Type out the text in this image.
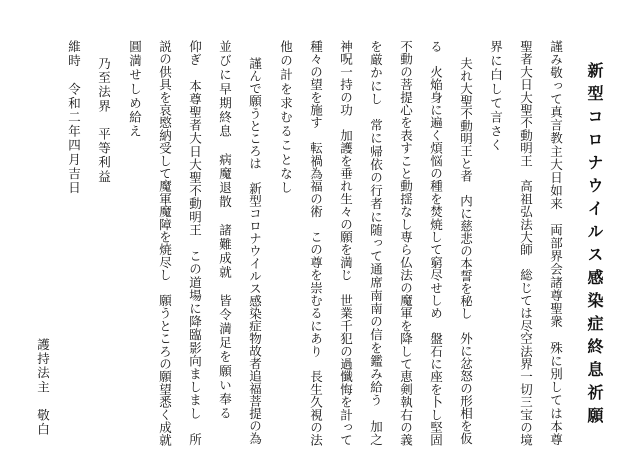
新型コロナウイルス感染症終息祈願
謹み敬って真言教主大日如来　両部界会諸尊聖衆　殊に別しては本尊
聖者大日大聖不動明王　高祖弘法大師　総じては尽空法界一切三宝の境
界に白して言さく
夫れ大聖不動明王と者　内に慈悲の本誓を秘し　外に忿怒の形相を仮
る　火焔身に遍く煩悩の種を焚焼して窮尽せしめ　盤石に座を卜し堅固
不動の菩提心を表すこと動揺なし専ら仏法の魔軍を降して恵剣執右の義
を厳かにし　常に帰依の行者に随って通席南南の信を鑑み給う　加之
神呪一持の功　加護を垂れ生々の願を満じ　世業千犯の過懺悔を計って
種々の望を施す　転禍為福の術　この尊を崇むるにあり　長生久視の法
他の計を求むることなし
謹んで願うところは　新型コロナウイルス感染症物故者追福菩提の為
並びに早期終息　病魔退散　諸難成就　皆令満足を願い奉る
仰ぎ　本尊聖者大日大聖不動明王　この道場に降臨影向ましまし　所
説の供具を哀愍納受して魔軍魔障を焼尽し　願うところの願望悉く成就
圓満せしめ給え
乃至法界　平等利益
維時　令和二年四月吉日
護持法主　敬白
